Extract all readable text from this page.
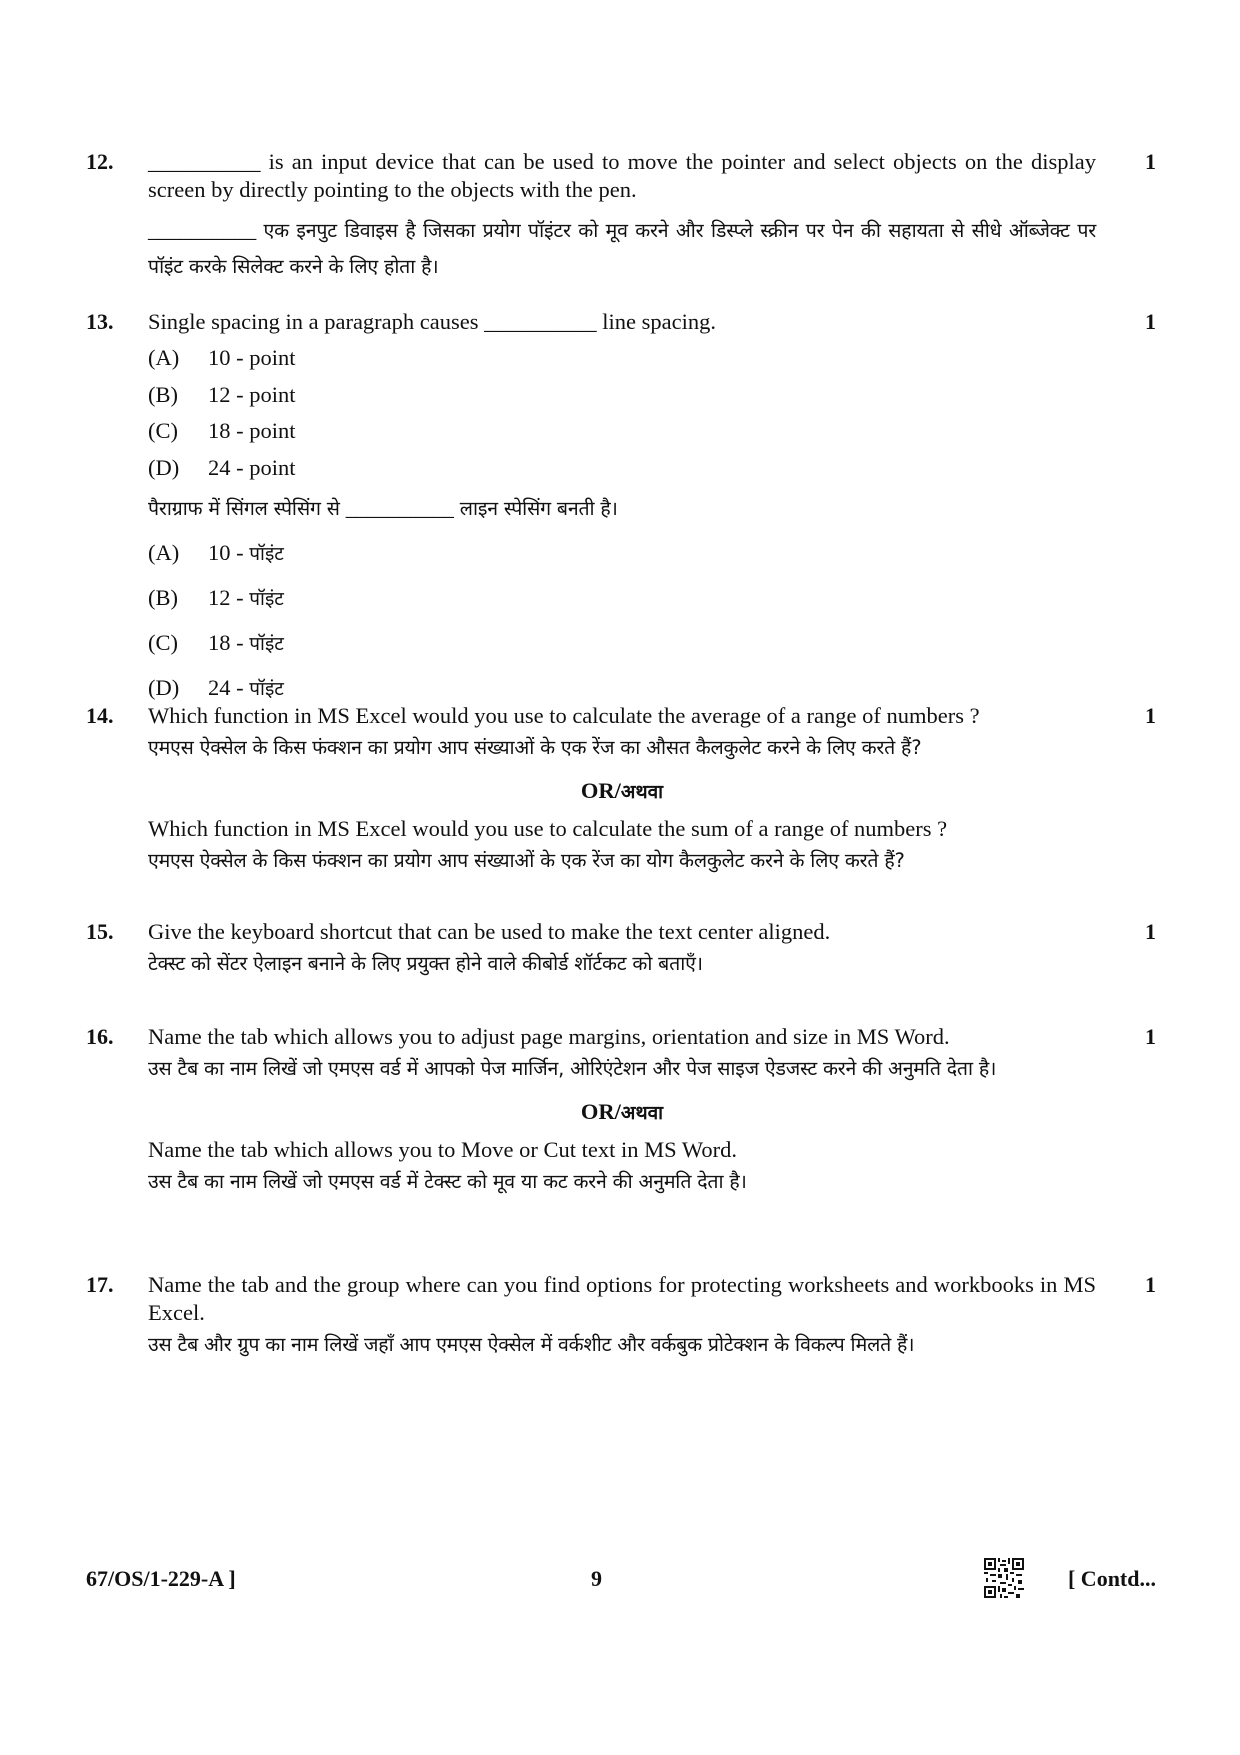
12.	1

__________ is an input device that can be used to move the pointer and select objects on the display screen by directly pointing to the objects with the pen.

__________ एक इनपुट डिवाइस है जिसका प्रयोग पॉइंटर को मूव करने और डिस्प्ले स्क्रीन पर पेन की सहायता से सीधे ऑब्जेक्ट पर पॉइंट करके सिलेक्ट करने के लिए होता है।

13.	1

Single spacing in a paragraph causes __________ line spacing.

(A)	10 - point
(B)	12 - point
(C)	18 - point
(D)	24 - point

पैराग्राफ में सिंगल स्पेसिंग से __________ लाइन स्पेसिंग बनती है।

(A)	10 - पॉइंट
(B)	12 - पॉइंट
(C)	18 - पॉइंट
(D)	24 - पॉइंट
14.	1

Which function in MS Excel would you use to calculate the average of a range of numbers ?

एमएस ऐक्सेल के किस फंक्शन का प्रयोग आप संख्याओं के एक रेंज का औसत कैलकुलेट करने के लिए करते हैं?

OR/अथवा

Which function in MS Excel would you use to calculate the sum of a range of numbers ?

एमएस ऐक्सेल के किस फंक्शन का प्रयोग आप संख्याओं के एक रेंज का योग कैलकुलेट करने के लिए करते हैं?

15.	1

Give the keyboard shortcut that can be used to make the text center aligned.

टेक्स्ट को सेंटर ऐलाइन बनाने के लिए प्रयुक्त होने वाले कीबोर्ड शॉर्टकट को बताएँ।

16.	1

Name the tab which allows you to adjust page margins, orientation and size in MS Word.

उस टैब का नाम लिखें जो एमएस वर्ड में आपको पेज मार्जिन, ओरिएंटेशन और पेज साइज ऐडजस्ट करने की अनुमति देता है।

OR/अथवा

Name the tab which allows you to Move or Cut text in MS Word.

उस टैब का नाम लिखें जो एमएस वर्ड में टेक्स्ट को मूव या कट करने की अनुमति देता है।

17.	1

Name the tab and the group where can you find options for protecting worksheets and workbooks in MS Excel.

उस टैब और ग्रुप का नाम लिखें जहाँ आप एमएस ऐक्सेल में वर्कशीट और वर्कबुक प्रोटेक्शन के विकल्प मिलते हैं।

67/OS/1-229-A ]	9	[ Contd...
